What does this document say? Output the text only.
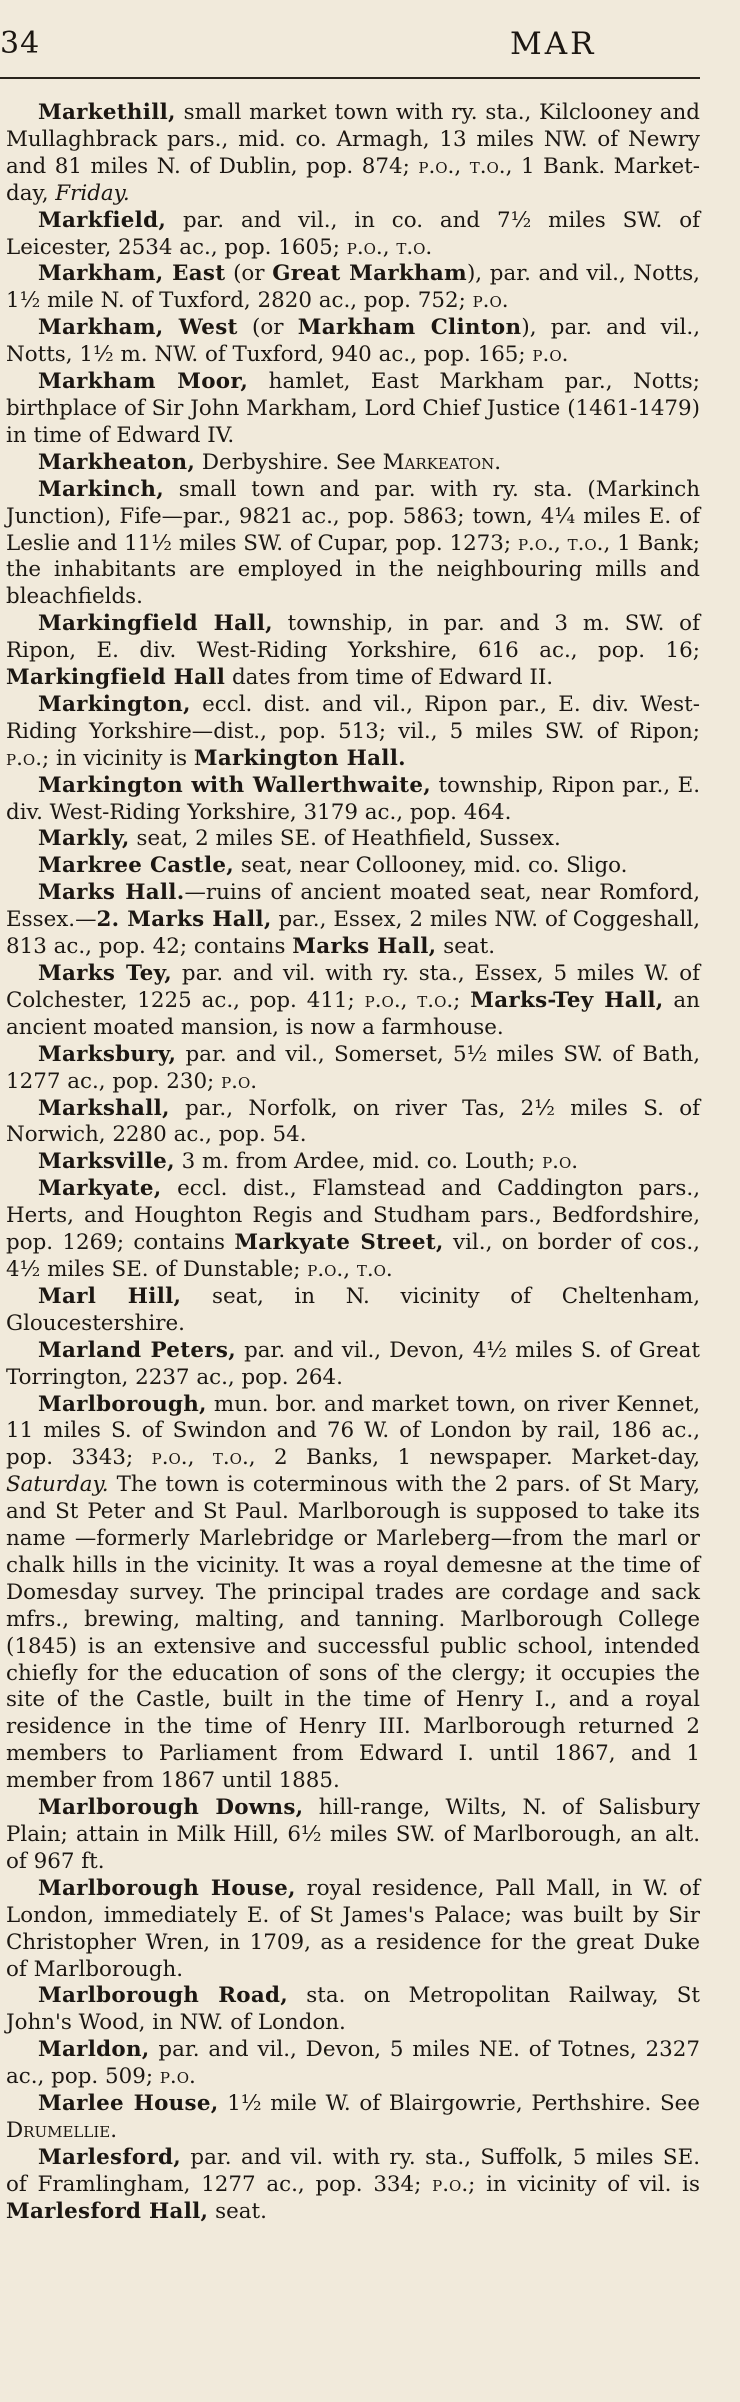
34	MAR

Markethill, small market town with ry. sta., Kilclooney and Mullaghbrack pars., mid. co. Armagh, 13 miles NW. of Newry and 81 miles N. of Dublin, pop. 874; p.o., t.o., 1 Bank. Market-day, Friday.

Markfield, par. and vil., in co. and 7½ miles SW. of Leicester, 2534 ac., pop. 1605; p.o., t.o.

Markham, East (or Great Markham), par. and vil., Notts, 1½ mile N. of Tuxford, 2820 ac., pop. 752; p.o.

Markham, West (or Markham Clinton), par. and vil., Notts, 1½ m. NW. of Tuxford, 940 ac., pop. 165; p.o.

Markham Moor, hamlet, East Markham par., Notts; birthplace of Sir John Markham, Lord Chief Justice (1461-1479) in time of Edward IV.

Markheaton, Derbyshire. See Markeaton.

Markinch, small town and par. with ry. sta. (Markinch Junction), Fife—par., 9821 ac., pop. 5863; town, 4¼ miles E. of Leslie and 11½ miles SW. of Cupar, pop. 1273; p.o., t.o., 1 Bank; the inhabitants are employed in the neighbouring mills and bleachfields.

Markingfield Hall, township, in par. and 3 m. SW. of Ripon, E. div. West-Riding Yorkshire, 616 ac., pop. 16; Markingfield Hall dates from time of Edward II.

Markington, eccl. dist. and vil., Ripon par., E. div. West-Riding Yorkshire—dist., pop. 513; vil., 5 miles SW. of Ripon; p.o.; in vicinity is Markington Hall.

Markington with Wallerthwaite, township, Ripon par., E. div. West-Riding Yorkshire, 3179 ac., pop. 464.

Markly, seat, 2 miles SE. of Heathfield, Sussex.

Markree Castle, seat, near Collooney, mid. co. Sligo.

Marks Hall.—ruins of ancient moated seat, near Romford, Essex.—2. Marks Hall, par., Essex, 2 miles NW. of Coggeshall, 813 ac., pop. 42; contains Marks Hall, seat.

Marks Tey, par. and vil. with ry. sta., Essex, 5 miles W. of Colchester, 1225 ac., pop. 411; p.o., t.o.; Marks-Tey Hall, an ancient moated mansion, is now a farmhouse.

Marksbury, par. and vil., Somerset, 5½ miles SW. of Bath, 1277 ac., pop. 230; p.o.

Markshall, par., Norfolk, on river Tas, 2½ miles S. of Norwich, 2280 ac., pop. 54.

Marksville, 3 m. from Ardee, mid. co. Louth; p.o.

Markyate, eccl. dist., Flamstead and Caddington pars., Herts, and Houghton Regis and Studham pars., Bedfordshire, pop. 1269; contains Markyate Street, vil., on border of cos., 4½ miles SE. of Dunstable; p.o., t.o.

Marl Hill, seat, in N. vicinity of Cheltenham, Gloucestershire.

Marland Peters, par. and vil., Devon, 4½ miles S. of Great Torrington, 2237 ac., pop. 264.

Marlborough, mun. bor. and market town, on river Kennet, 11 miles S. of Swindon and 76 W. of London by rail, 186 ac., pop. 3343; p.o., t.o., 2 Banks, 1 newspaper. Market-day, Saturday. The town is coterminous with the 2 pars. of St Mary, and St Peter and St Paul. Marlborough is supposed to take its name —formerly Marlebridge or Marleberg—from the marl or chalk hills in the vicinity. It was a royal demesne at the time of Domesday survey. The principal trades are cordage and sack mfrs., brewing, malting, and tanning. Marlborough College (1845) is an extensive and successful public school, intended chiefly for the education of sons of the clergy; it occupies the site of the Castle, built in the time of Henry I., and a royal residence in the time of Henry III. Marlborough returned 2 members to Parliament from Edward I. until 1867, and 1 member from 1867 until 1885.

Marlborough Downs, hill-range, Wilts, N. of Salisbury Plain; attain in Milk Hill, 6½ miles SW. of Marlborough, an alt. of 967 ft.

Marlborough House, royal residence, Pall Mall, in W. of London, immediately E. of St James's Palace; was built by Sir Christopher Wren, in 1709, as a residence for the great Duke of Marlborough.

Marlborough Road, sta. on Metropolitan Railway, St John's Wood, in NW. of London.

Marldon, par. and vil., Devon, 5 miles NE. of Totnes, 2327 ac., pop. 509; p.o.

Marlee House, 1½ mile W. of Blairgowrie, Perthshire. See Drumellie.

Marlesford, par. and vil. with ry. sta., Suffolk, 5 miles SE. of Framlingham, 1277 ac., pop. 334; p.o.; in vicinity of vil. is Marlesford Hall, seat.
